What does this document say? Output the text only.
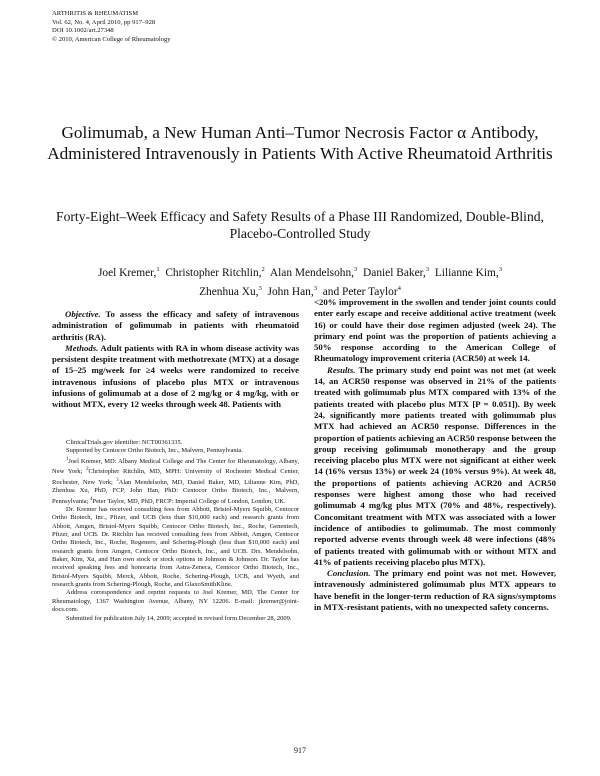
ARTHRITIS & RHEUMATISM
Vol. 62, No. 4, April 2010, pp 917–928
DOI 10.1002/art.27348
© 2010, American College of Rheumatology
Golimumab, a New Human Anti–Tumor Necrosis Factor α Antibody, Administered Intravenously in Patients With Active Rheumatoid Arthritis
Forty-Eight–Week Efficacy and Safety Results of a Phase III Randomized, Double-Blind, Placebo-Controlled Study
Joel Kremer,$^1$ Christopher Ritchlin,$^2$ Alan Mendelsohn,$^3$ Daniel Baker,$^3$ Lilianne Kim,$^3$
Zhenhua Xu,$^3$ John Han,$^3$ and Peter Taylor$^4$

Objective. To assess the efficacy and safety of intravenous administration of golimumab in patients with rheumatoid arthritis (RA).

Methods. Adult patients with RA in whom disease activity was persistent despite treatment with methotrexate (MTX) at a dosage of 15–25 mg/week for ≥4 weeks were randomized to receive intravenous infusions of placebo plus MTX or intravenous infusions of golimumab at a dose of 2 mg/kg or 4 mg/kg, with or without MTX, every 12 weeks through week 48. Patients with

ClinicalTrials.gov identifier: NCT00361335.

Supported by Centocor Ortho Biotech, Inc., Malvern, Pennsylvania.

$^1$Joel Kremer, MD: Albany Medical College and The Center for Rheumatology, Albany, New York; $^2$Christopher Ritchlin, MD, MPH: University of Rochester Medical Center, Rochester, New York; $^3$Alan Mendelsohn, MD, Daniel Baker, MD, Lilianne Kim, PhD, Zhenhua Xu, PhD, FCP, John Han, PhD: Centocor Ortho Biotech, Inc., Malvern, Pennsylvania; $^4$Peter Taylor, MD, PhD, FRCP: Imperial College of London, London, UK.

Dr. Kremer has received consulting fees from Abbott, Bristol-Myers Squibb, Centocor Ortho Biotech, Inc., Pfizer, and UCB (less than $10,000 each) and research grants from Abbott, Amgen, Bristol-Myers Squibb, Centocor Ortho Biotech, Inc., Roche, Genentech, Pfizer, and UCB. Dr. Ritchlin has received consulting fees from Abbott, Amgen, Centocor Ortho Biotech, Inc., Roche, Regenero, and Schering-Plough (less than $10,000 each) and research grants from Amgen, Centocor Ortho Biotech, Inc., and UCB. Drs. Mendelsohn, Baker, Kim, Xu, and Han own stock or stock options in Johnson & Johnson. Dr. Taylor has received speaking fees and honoraria from Astra-Zeneca, Centocor Ortho Biotech, Inc., Bristol-Myers Squibb, Merck, Abbott, Roche, Schering-Plough, UCB, and Wyeth, and research grants from Schering-Plough, Roche, and GlaxoSmithKline.

Address correspondence and reprint requests to Joel Kremer, MD, The Center for Rheumatology, 1367 Washington Avenue, Albany, NY 12206. E-mail: jkremer@joint-docs.com.

Submitted for publication July 14, 2009; accepted in revised form December 28, 2009.

<20% improvement in the swollen and tender joint counts could enter early escape and receive additional active treatment (week 16) or could have their dose regimen adjusted (week 24). The primary end point was the proportion of patients achieving a 50% response according to the American College of Rheumatology improvement criteria (ACR50) at week 14.

Results. The primary study end point was not met (at week 14, an ACR50 response was observed in 21% of the patients treated with golimumab plus MTX compared with 13% of the patients treated with placebo plus MTX [P = 0.051]). By week 24, significantly more patients treated with golimumab plus MTX had achieved an ACR50 response. Differences in the proportion of patients achieving an ACR50 response between the group receiving golimumab monotherapy and the group receiving placebo plus MTX were not significant at either week 14 (16% versus 13%) or week 24 (10% versus 9%). At week 48, the proportions of patients achieving ACR20 and ACR50 responses were highest among those who had received golimumab 4 mg/kg plus MTX (70% and 48%, respectively). Concomitant treatment with MTX was associated with a lower incidence of antibodies to golimumab. The most commonly reported adverse events through week 48 were infections (48% of patients treated with golimumab with or without MTX and 41% of patients receiving placebo plus MTX).

Conclusion. The primary end point was not met. However, intravenously administered golimumab plus MTX appears to have benefit in the longer-term reduction of RA signs/symptoms in MTX-resistant patients, with no unexpected safety concerns.

917
